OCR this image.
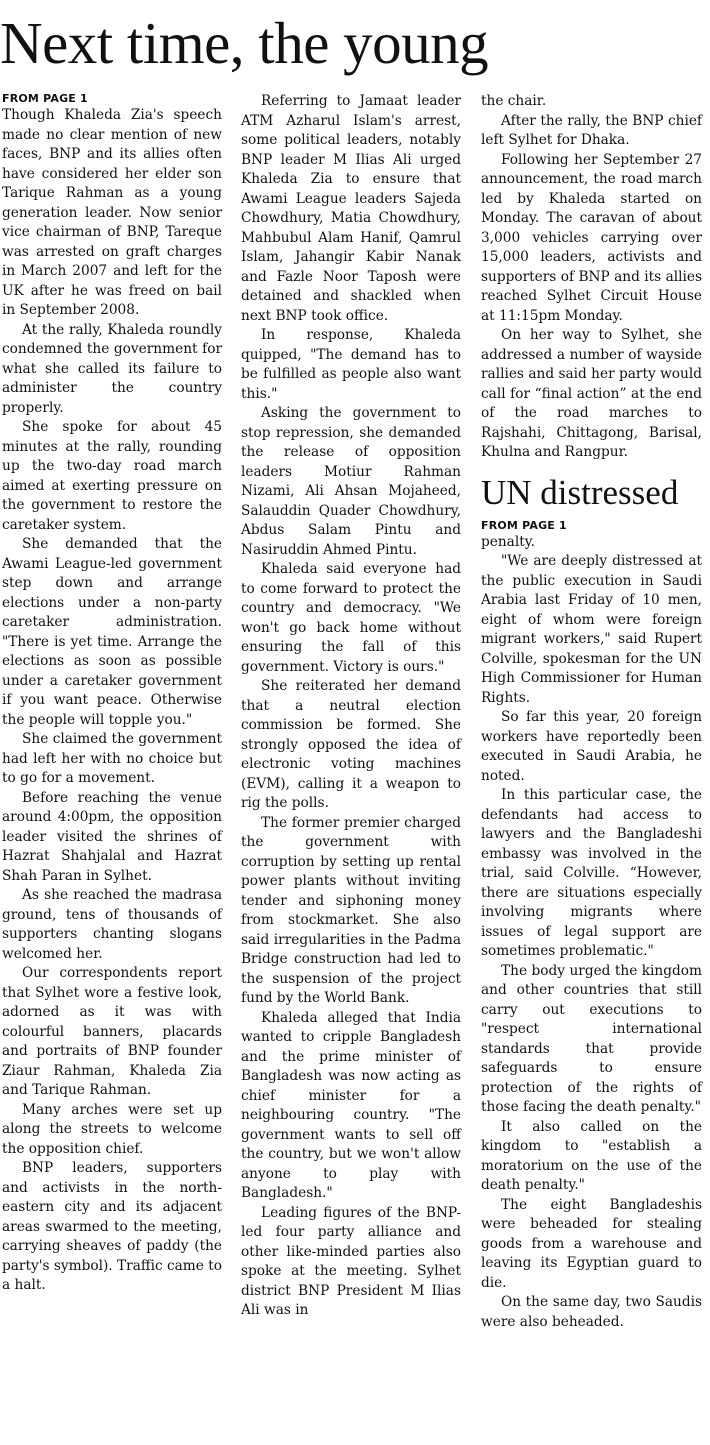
Next time, the young
FROM PAGE 1

Though Khaleda Zia's speech made no clear mention of new faces, BNP and its allies often have considered her elder son Tarique Rahman as a young generation leader. Now senior vice chairman of BNP, Tareque was arrested on graft charges in March 2007 and left for the UK after he was freed on bail in September 2008.

At the rally, Khaleda roundly condemned the government for what she called its failure to administer the country properly.

She spoke for about 45 minutes at the rally, rounding up the two-day road march aimed at exerting pressure on the government to restore the caretaker system.

She demanded that the Awami League-led government step down and arrange elections under a non-party caretaker administration. "There is yet time. Arrange the elections as soon as possible under a caretaker government if you want peace. Otherwise the people will topple you."

She claimed the government had left her with no choice but to go for a movement.

Before reaching the venue around 4:00pm, the opposition leader visited the shrines of Hazrat Shahjalal and Hazrat Shah Paran in Sylhet.

As she reached the madrasa ground, tens of thousands of supporters chanting slogans welcomed her.

Our correspondents report that Sylhet wore a festive look, adorned as it was with colourful banners, placards and portraits of BNP founder Ziaur Rahman, Khaleda Zia and Tarique Rahman.

Many arches were set up along the streets to welcome the opposition chief.

BNP leaders, supporters and activists in the north-eastern city and its adjacent areas swarmed to the meeting, carrying sheaves of paddy (the party's symbol). Traffic came to a halt.

Referring to Jamaat leader ATM Azharul Islam's arrest, some political leaders, notably BNP leader M Ilias Ali urged Khaleda Zia to ensure that Awami League leaders Sajeda Chowdhury, Matia Chowdhury, Mahbubul Alam Hanif, Qamrul Islam, Jahangir Kabir Nanak and Fazle Noor Taposh were detained and shackled when next BNP took office.

In response, Khaleda quipped, "The demand has to be fulfilled as people also want this."

Asking the government to stop repression, she demanded the release of opposition leaders Motiur Rahman Nizami, Ali Ahsan Mojaheed, Salauddin Quader Chowdhury, Abdus Salam Pintu and Nasiruddin Ahmed Pintu.

Khaleda said everyone had to come forward to protect the country and democracy. "We won't go back home without ensuring the fall of this government. Victory is ours."

She reiterated her demand that a neutral election commission be formed. She strongly opposed the idea of electronic voting machines (EVM), calling it a weapon to rig the polls.

The former premier charged the government with corruption by setting up rental power plants without inviting tender and siphoning money from stockmarket. She also said irregularities in the Padma Bridge construction had led to the suspension of the project fund by the World Bank.

Khaleda alleged that India wanted to cripple Bangladesh and the prime minister of Bangladesh was now acting as chief minister for a neighbouring country. "The government wants to sell off the country, but we won't allow anyone to play with Bangladesh."

Leading figures of the BNP-led four party alliance and other like-minded parties also spoke at the meeting. Sylhet district BNP President M Ilias Ali was in

the chair.

After the rally, the BNP chief left Sylhet for Dhaka.

Following her September 27 announcement, the road march led by Khaleda started on Monday. The caravan of about 3,000 vehicles carrying over 15,000 leaders, activists and supporters of BNP and its allies reached Sylhet Circuit House at 11:15pm Monday.

On her way to Sylhet, she addressed a number of wayside rallies and said her party would call for “final action” at the end of the road marches to Rajshahi, Chittagong, Barisal, Khulna and Rangpur.

UN distressed
FROM PAGE 1

penalty.

"We are deeply distressed at the public execution in Saudi Arabia last Friday of 10 men, eight of whom were foreign migrant workers," said Rupert Colville, spokesman for the UN High Commissioner for Human Rights.

So far this year, 20 foreign workers have reportedly been executed in Saudi Arabia, he noted.

In this particular case, the defendants had access to lawyers and the Bangladeshi embassy was involved in the trial, said Colville. “However, there are situations especially involving migrants where issues of legal support are sometimes problematic."

The body urged the kingdom and other countries that still carry out executions to "respect international standards that provide safeguards to ensure protection of the rights of those facing the death penalty."

It also called on the kingdom to "establish a moratorium on the use of the death penalty."

The eight Bangladeshis were beheaded for stealing goods from a warehouse and leaving its Egyptian guard to die.

On the same day, two Saudis were also beheaded.
